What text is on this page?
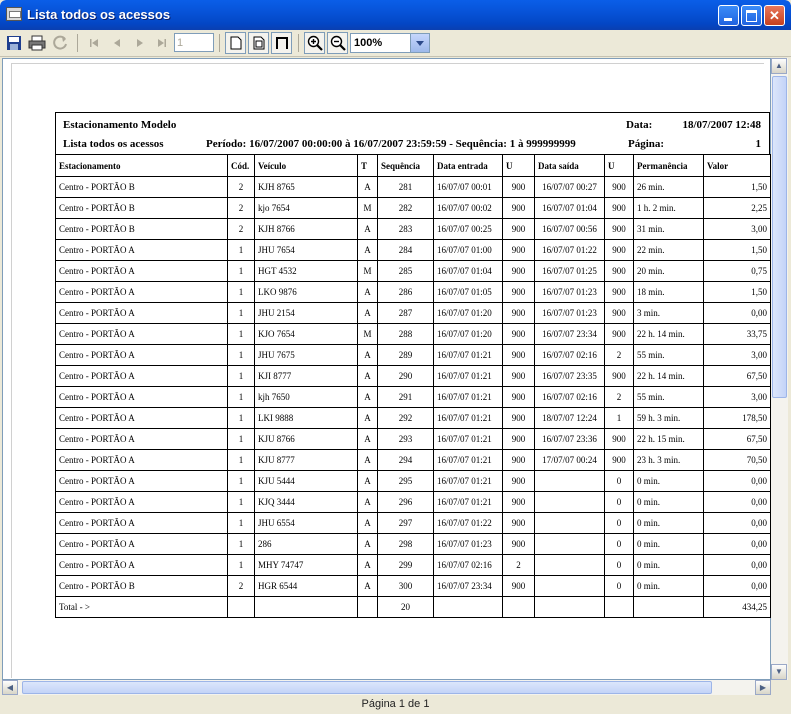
Lista todos os acessos	✕
1
100%
Estacionamento Modelo	Data:	18/07/2007 12:48
Lista todos os acessos	Período: 16/07/2007 00:00:00 à 16/07/2007 23:59:59 - Sequência: 1 à 999999999	1
Página:
Estacionamento	Cód.	Veículo	T	Sequência	Data entrada	U	Data saída	U	Permanência	Valor
Centro - PORTÃO B	2	KJH 8765	A	281	16/07/07 00:01	900	16/07/07 00:27	900	26 min.	1,50
Centro - PORTÃO B	2	kjo 7654	M	282	16/07/07 00:02	900	16/07/07 01:04	900	1 h. 2 min.	2,25
Centro - PORTÃO B	2	KJH 8766	A	283	16/07/07 00:25	900	16/07/07 00:56	900	31 min.	3,00
Centro - PORTÃO A	1	JHU 7654	A	284	16/07/07 01:00	900	16/07/07 01:22	900	22 min.	1,50
Centro - PORTÃO A	1	HGT 4532	M	285	16/07/07 01:04	900	16/07/07 01:25	900	20 min.	0,75
Centro - PORTÃO A	1	LKO 9876	A	286	16/07/07 01:05	900	16/07/07 01:23	900	18 min.	1,50
Centro - PORTÃO A	1	JHU 2154	A	287	16/07/07 01:20	900	16/07/07 01:23	900	3 min.	0,00
Centro - PORTÃO A	1	KJO 7654	M	288	16/07/07 01:20	900	16/07/07 23:34	900	22 h. 14 min.	33,75
Centro - PORTÃO A	1	JHU 7675	A	289	16/07/07 01:21	900	16/07/07 02:16	2	55 min.	3,00
Centro - PORTÃO A	1	KJI 8777	A	290	16/07/07 01:21	900	16/07/07 23:35	900	22 h. 14 min.	67,50
Centro - PORTÃO A	1	kjh 7650	A	291	16/07/07 01:21	900	16/07/07 02:16	2	55 min.	3,00
Centro - PORTÃO A	1	LKI 9888	A	292	16/07/07 01:21	900	18/07/07 12:24	1	59 h. 3 min.	178,50
Centro - PORTÃO A	1	KJU 8766	A	293	16/07/07 01:21	900	16/07/07 23:36	900	22 h. 15 min.	67,50
Centro - PORTÃO A	1	KJU 8777	A	294	16/07/07 01:21	900	17/07/07 00:24	900	23 h. 3 min.	70,50
Centro - PORTÃO A	1	KJU 5444	A	295	16/07/07 01:21	900		0	0 min.	0,00
Centro - PORTÃO A	1	KJQ 3444	A	296	16/07/07 01:21	900		0	0 min.	0,00
Centro - PORTÃO A	1	JHU 6554	A	297	16/07/07 01:22	900		0	0 min.	0,00
Centro - PORTÃO A	1	286	A	298	16/07/07 01:23	900		0	0 min.	0,00
Centro - PORTÃO A	1	MHY 74747	A	299	16/07/07 02:16	2		0	0 min.	0,00
Centro - PORTÃO B	2	HGR 6544	A	300	16/07/07 23:34	900		0	0 min.	0,00
Total - >				20						434,25
▲
▼
◀	▶
Página 1 de 1
